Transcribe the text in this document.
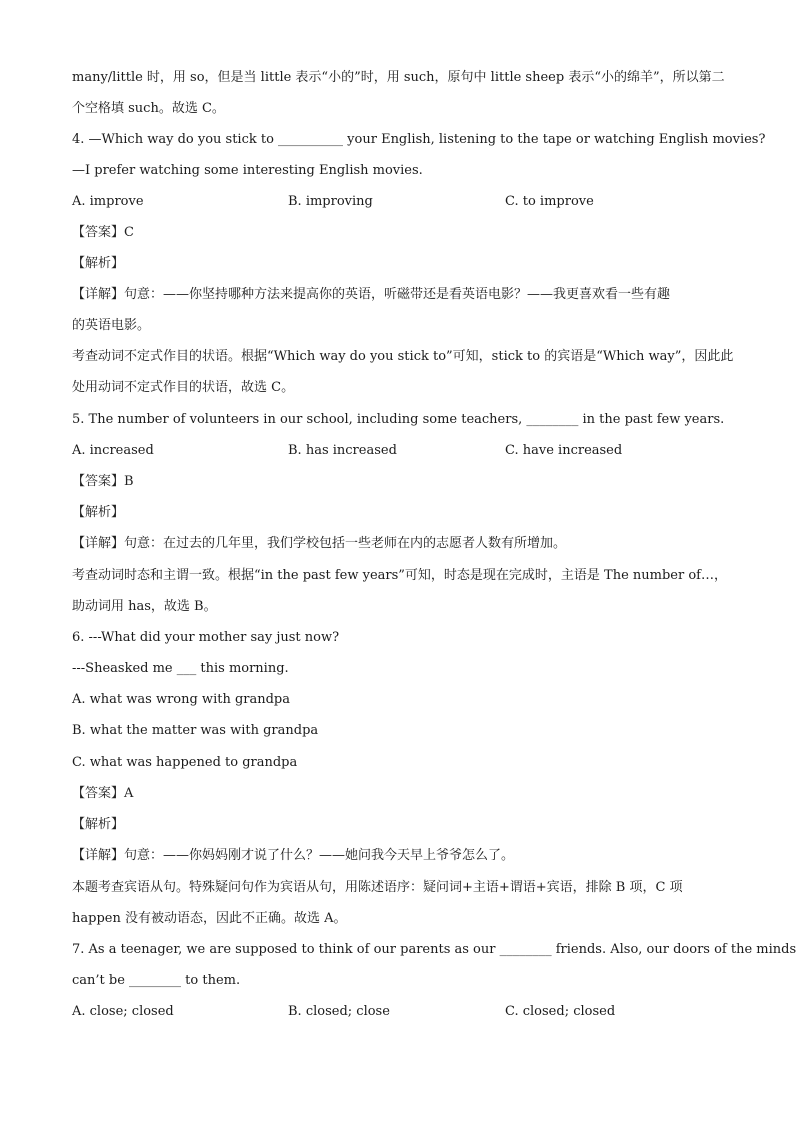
many/little 时，用 so，但是当 little 表示“小的”时，用 such，原句中 little sheep 表示“小的绵羊”，所以第二
个空格填 such。故选 C。
4. —Which way do you stick to __________ your English, listening to the tape or watching English movies?
—I prefer watching some interesting English movies.
A. improve	B. improving	C. to improve
【答案】C
【解析】
【详解】句意：——你坚持哪种方法来提高你的英语，听磁带还是看英语电影？——我更喜欢看一些有趣
的英语电影。
考查动词不定式作目的状语。根据“Which way do you stick to”可知，stick to 的宾语是“Which way”，因此此
处用动词不定式作目的状语，故选 C。
5. The number of volunteers in our school, including some teachers, ________ in the past few years.
A. increased	B. has increased	C. have increased
【答案】B
【解析】
【详解】句意：在过去的几年里，我们学校包括一些老师在内的志愿者人数有所增加。
考查动词时态和主谓一致。根据“in the past few years”可知，时态是现在完成时，主语是 The number of…，
助动词用 has，故选 B。
6. ---What did your mother say just now?
---Sheasked me ___ this morning.
A. what was wrong with grandpa
B. what the matter was with grandpa
C. what was happened to grandpa
【答案】A
【解析】
【详解】句意：——你妈妈刚才说了什么？——她问我今天早上爷爷怎么了。
本题考查宾语从句。特殊疑问句作为宾语从句，用陈述语序：疑问词+主语+谓语+宾语，排除 B 项，C 项
happen 没有被动语态，因此不正确。故选 A。
7. As a teenager, we are supposed to think of our parents as our ________ friends. Also, our doors of the minds
can’t be ________ to them.
A. close; closed	B. closed; close	C. closed; closed
